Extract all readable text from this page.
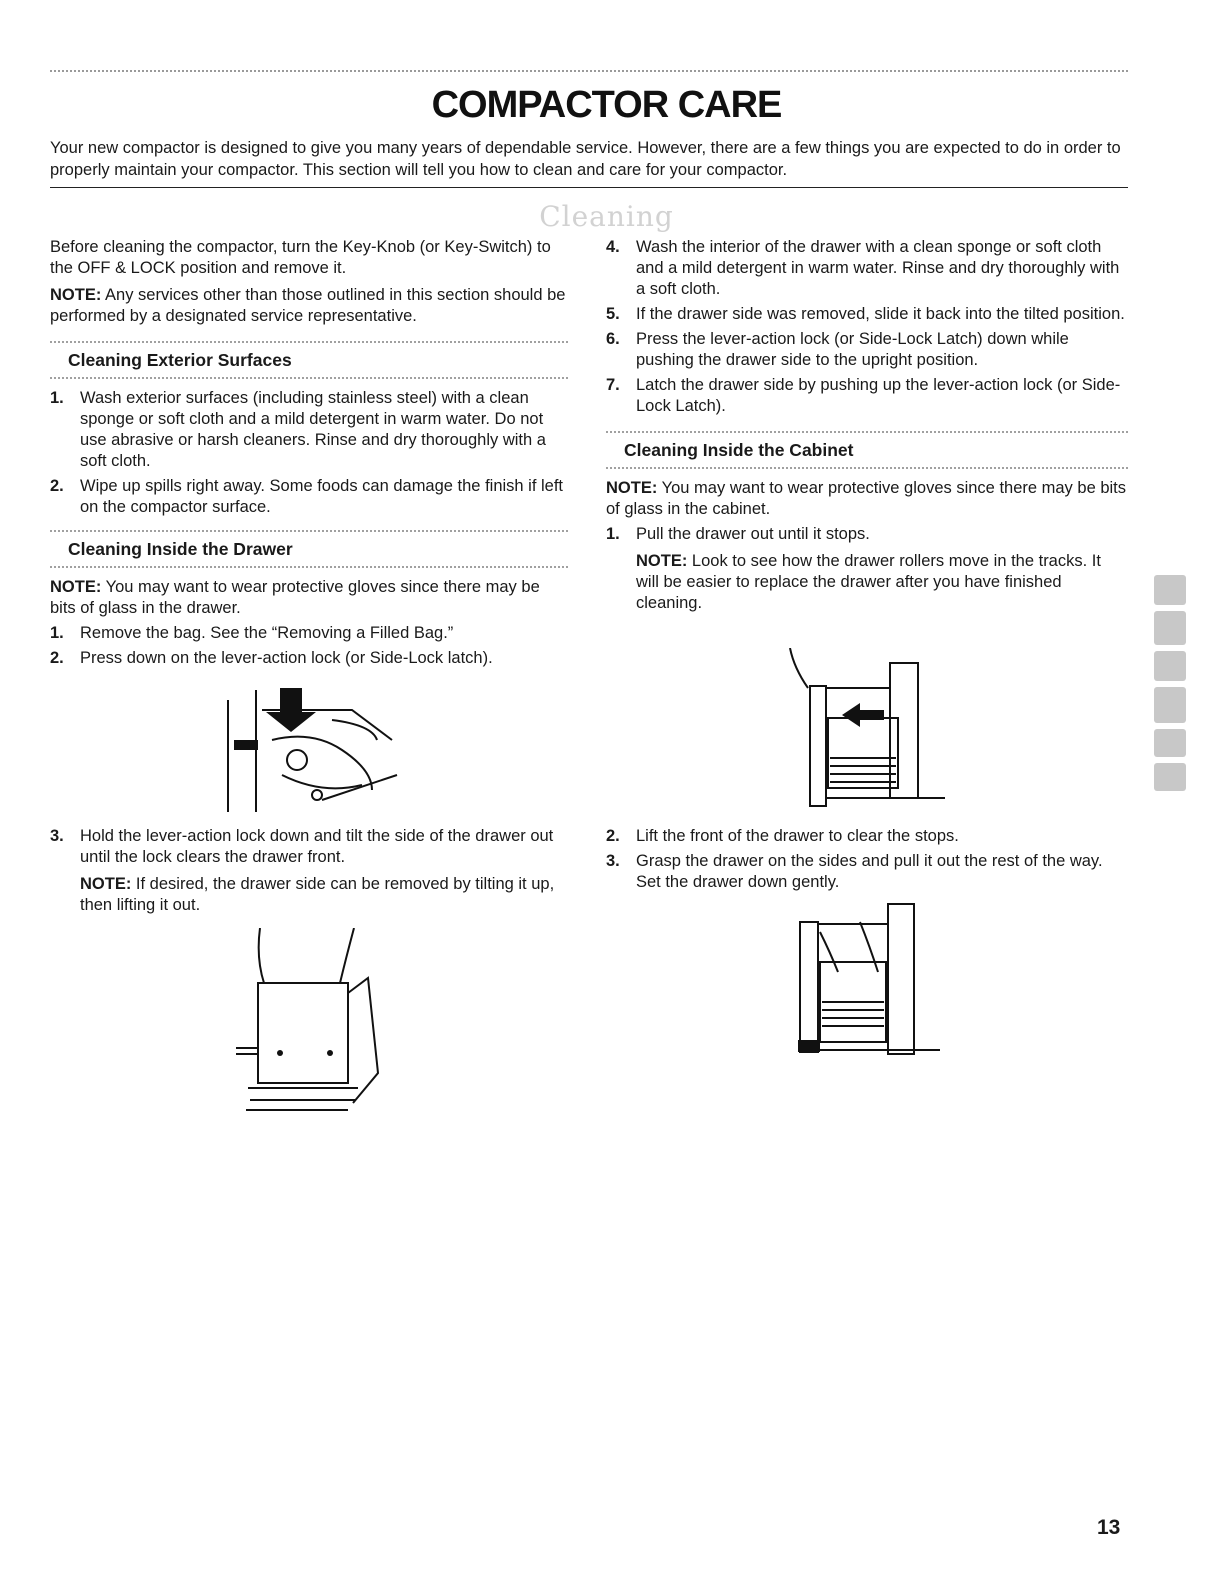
COMPACTOR CARE

Your new compactor is designed to give you many years of dependable service. However, there are a few things you are expected to do in order to properly maintain your compactor. This section will tell you how to clean and care for your compactor.

Cleaning

Before cleaning the compactor, turn the Key-Knob (or Key-Switch) to the OFF & LOCK position and remove it.

NOTE: Any services other than those outlined in this section should be performed by a designated service representative.

Cleaning Exterior Surfaces
1. Wash exterior surfaces (including stainless steel) with a clean sponge or soft cloth and a mild detergent in warm water. Do not use abrasive or harsh cleaners. Rinse and dry thoroughly with a soft cloth.
2. Wipe up spills right away. Some foods can damage the finish if left on the compactor surface.
Cleaning Inside the Drawer

NOTE: You may want to wear protective gloves since there may be bits of glass in the drawer.

1. Remove the bag. See the “Removing a Filled Bag.”
2. Press down on the lever-action lock (or Side-Lock latch).
3. Hold the lever-action lock down and tilt the side of the drawer out until the lock clears the drawer front.

NOTE: If desired, the drawer side can be removed by tilting it up, then lifting it out.

4. Wash the interior of the drawer with a clean sponge or soft cloth and a mild detergent in warm water. Rinse and dry thoroughly with a soft cloth.
5. If the drawer side was removed, slide it back into the tilted position.
6. Press the lever-action lock (or Side-Lock Latch) down while pushing the drawer side to the upright position.
7. Latch the drawer side by pushing up the lever-action lock (or Side-Lock Latch).
Cleaning Inside the Cabinet

NOTE: You may want to wear protective gloves since there may be bits of glass in the cabinet.

1. Pull the drawer out until it stops.

NOTE: Look to see how the drawer rollers move in the tracks. It will be easier to replace the drawer after you have finished cleaning.

2. Lift the front of the drawer to clear the stops.
3. Grasp the drawer on the sides and pull it out the rest of the way. Set the drawer down gently.
13
